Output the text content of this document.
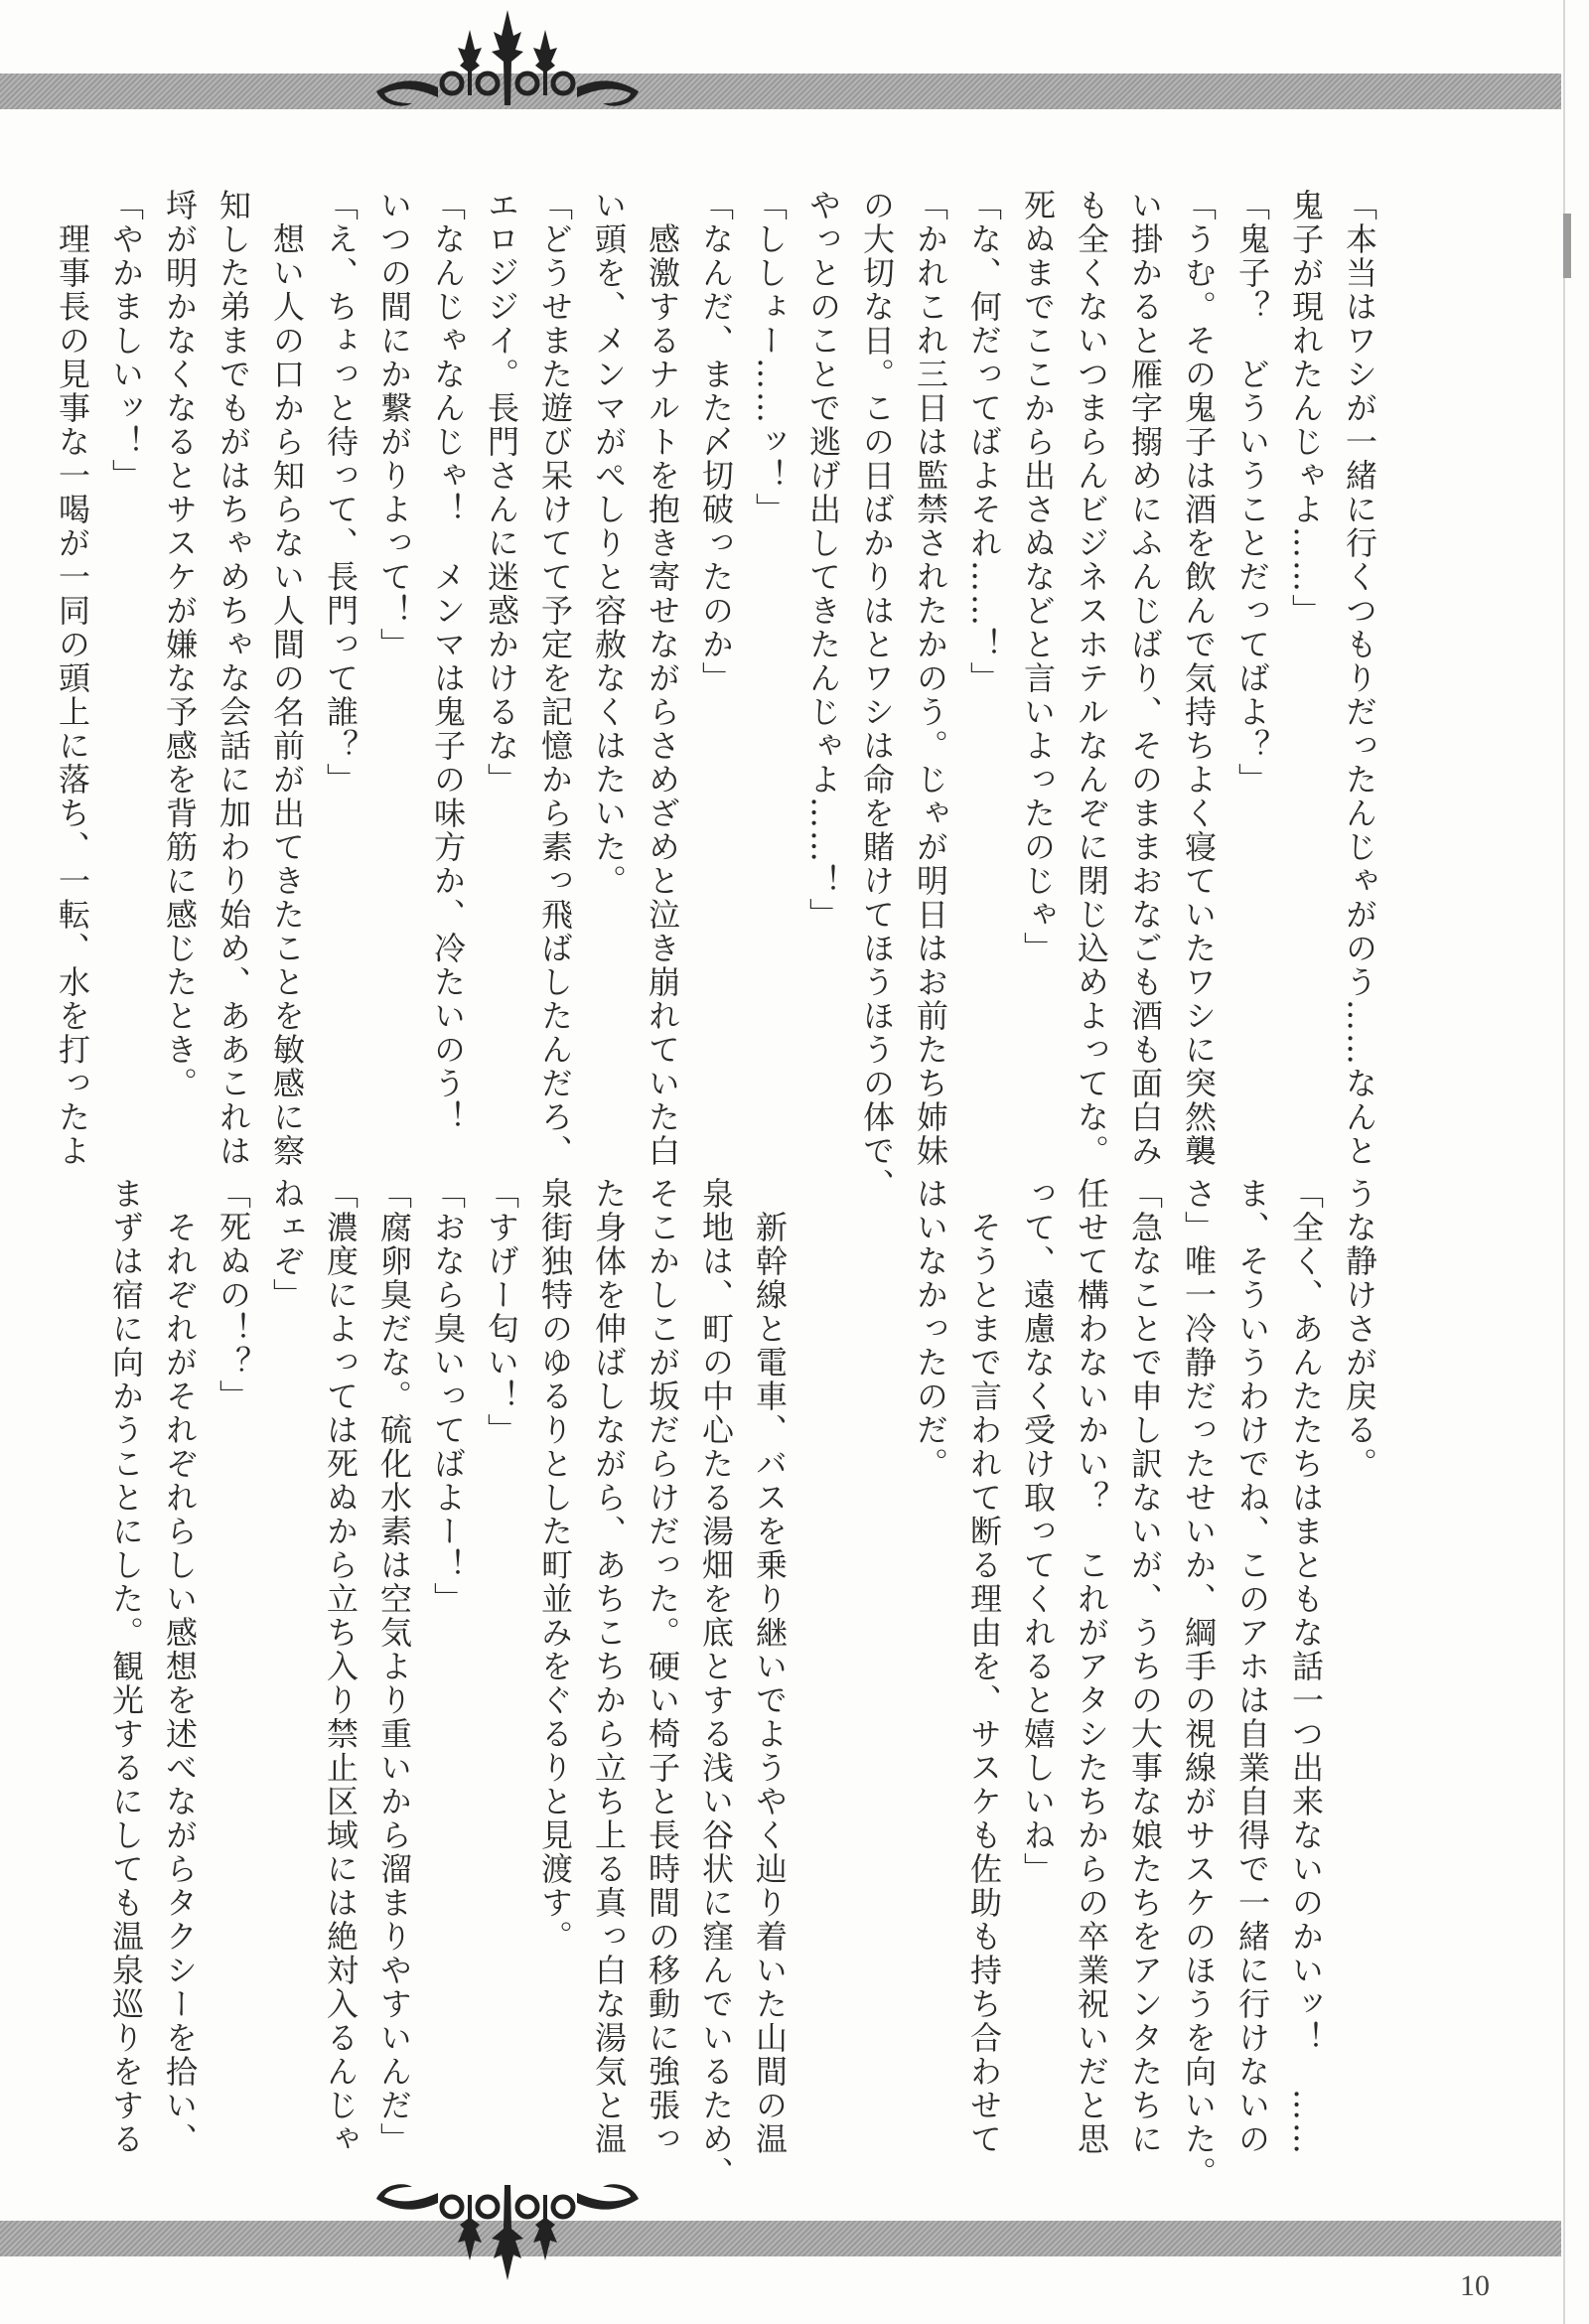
「本当はワシが一緒に行くつもりだったんじゃがのう……なんと
鬼子が現れたんじゃよ……」
「鬼子？　どういうことだってばよ？」
「うむ。その鬼子は酒を飲んで気持ちよく寝ていたワシに突然襲
い掛かると雁字搦めにふんじばり、そのままおなごも酒も面白み
も全くないつまらんビジネスホテルなんぞに閉じ込めよってな。
死ぬまでここから出さぬなどと言いよったのじゃ」
「な、何だってばよそれ……！」
「かれこれ三日は監禁されたかのう。じゃが明日はお前たち姉妹
の大切な日。この日ばかりはとワシは命を賭けてほうほうの体で、
やっとのことで逃げ出してきたんじゃよ……！」
「ししょー……ッ！」
「なんだ、また〆切破ったのか」
　感激するナルトを抱き寄せながらさめざめと泣き崩れていた白
い頭を、メンマがぺしりと容赦なくはたいた。
「どうせまた遊び呆けてて予定を記憶から素っ飛ばしたんだろ、
エロジジイ。長門さんに迷惑かけるな」
「なんじゃなんじゃ！　メンマは鬼子の味方か、冷たいのう！
いつの間にか繋がりよって！」
「え、ちょっと待って、長門って誰？」
　想い人の口から知らない人間の名前が出てきたことを敏感に察
知した弟までもがはちゃめちゃな会話に加わり始め、ああこれは
埒が明かなくなるとサスケが嫌な予感を背筋に感じたとき。
「やかましいッ！」
　理事長の見事な一喝が一同の頭上に落ち、一転、水を打ったよ
うな静けさが戻る。
「全く、あんたたちはまともな話一つ出来ないのかいッ！　……
ま、そういうわけでね、このアホは自業自得で一緒に行けないの
さ」唯一冷静だったせいか、綱手の視線がサスケのほうを向いた。
「急なことで申し訳ないが、うちの大事な娘たちをアンタたちに
任せて構わないかい？　これがアタシたちからの卒業祝いだと思
って、遠慮なく受け取ってくれると嬉しいね」
　そうとまで言われて断る理由を、サスケも佐助も持ち合わせて
はいなかったのだ。
　新幹線と電車、バスを乗り継いでようやく辿り着いた山間の温
泉地は、町の中心たる湯畑を底とする浅い谷状に窪んでいるため、
そこかしこが坂だらけだった。硬い椅子と長時間の移動に強張っ
た身体を伸ばしながら、あちこちから立ち上る真っ白な湯気と温
泉街独特のゆるりとした町並みをぐるりと見渡す。
「すげー匂い！」
「おなら臭いってばよー！」
「腐卵臭だな。硫化水素は空気より重いから溜まりやすいんだ」
「濃度によっては死ぬから立ち入り禁止区域には絶対入るんじゃ
ねェぞ」
「死ぬの！？」
　それぞれがそれぞれらしい感想を述べながらタクシーを拾い、
まずは宿に向かうことにした。観光するにしても温泉巡りをする
10
